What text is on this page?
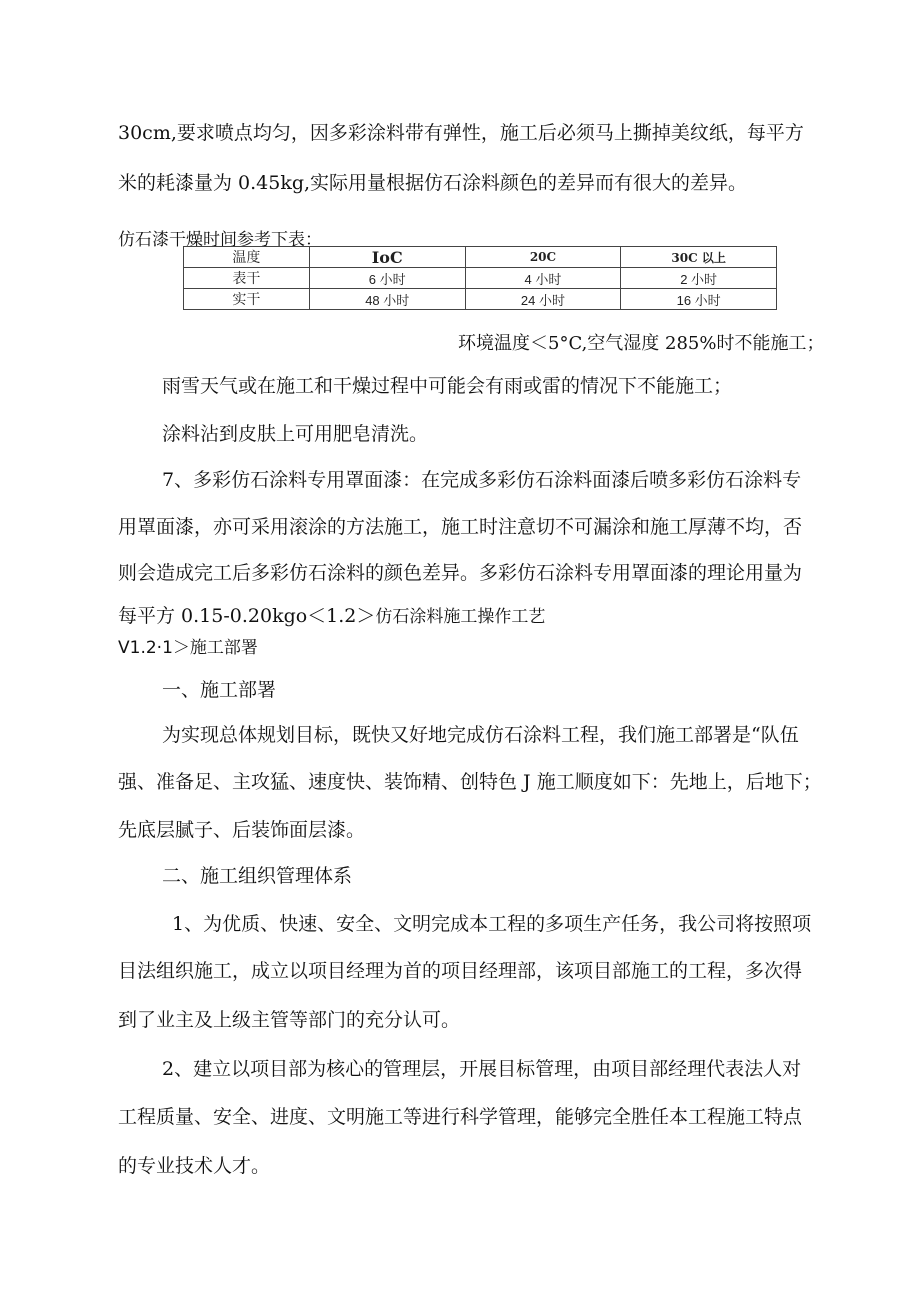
30cm,要求喷点均匀，因多彩涂料带有弹性，施工后必须马上撕掉美纹纸，每平方
米的耗漆量为 0.45kg,实际用量根据仿石涂料颜色的差异而有很大的差异。
仿石漆干燥时间参考下表：
温度	IoC	20C	30C 以上
表干	6 小时	4 小时	2 小时
实干	48 小时	24 小时	16 小时
环境温度＜5°C,空气湿度 285%时不能施工；
雨雪天气或在施工和干燥过程中可能会有雨或雷的情况下不能施工；
涂料沾到皮肤上可用肥皂清洗。
7、多彩仿石涂料专用罩面漆：在完成多彩仿石涂料面漆后喷多彩仿石涂料专
用罩面漆，亦可采用滚涂的方法施工，施工时注意切不可漏涂和施工厚薄不均，否
则会造成完工后多彩仿石涂料的颜色差异。多彩仿石涂料专用罩面漆的理论用量为
每平方 0.15-0.20kgo＜1.2＞仿石涂料施工操作工艺
V1.2·1＞施工部署
一、施工部署
为实现总体规划目标，既快又好地完成仿石涂料工程，我们施工部署是“队伍
强、准备足、主攻猛、速度快、装饰精、创特色 J 施工顺度如下：先地上，后地下；
先底层腻子、后装饰面层漆。
二、施工组织管理体系
1、为优质、快速、安全、文明完成本工程的多项生产任务，我公司将按照项
目法组织施工，成立以项目经理为首的项目经理部，该项目部施工的工程，多次得
到了业主及上级主管等部门的充分认可。
2、建立以项目部为核心的管理层，开展目标管理，由项目部经理代表法人对
工程质量、安全、进度、文明施工等进行科学管理，能够完全胜任本工程施工特点
的专业技术人才。
